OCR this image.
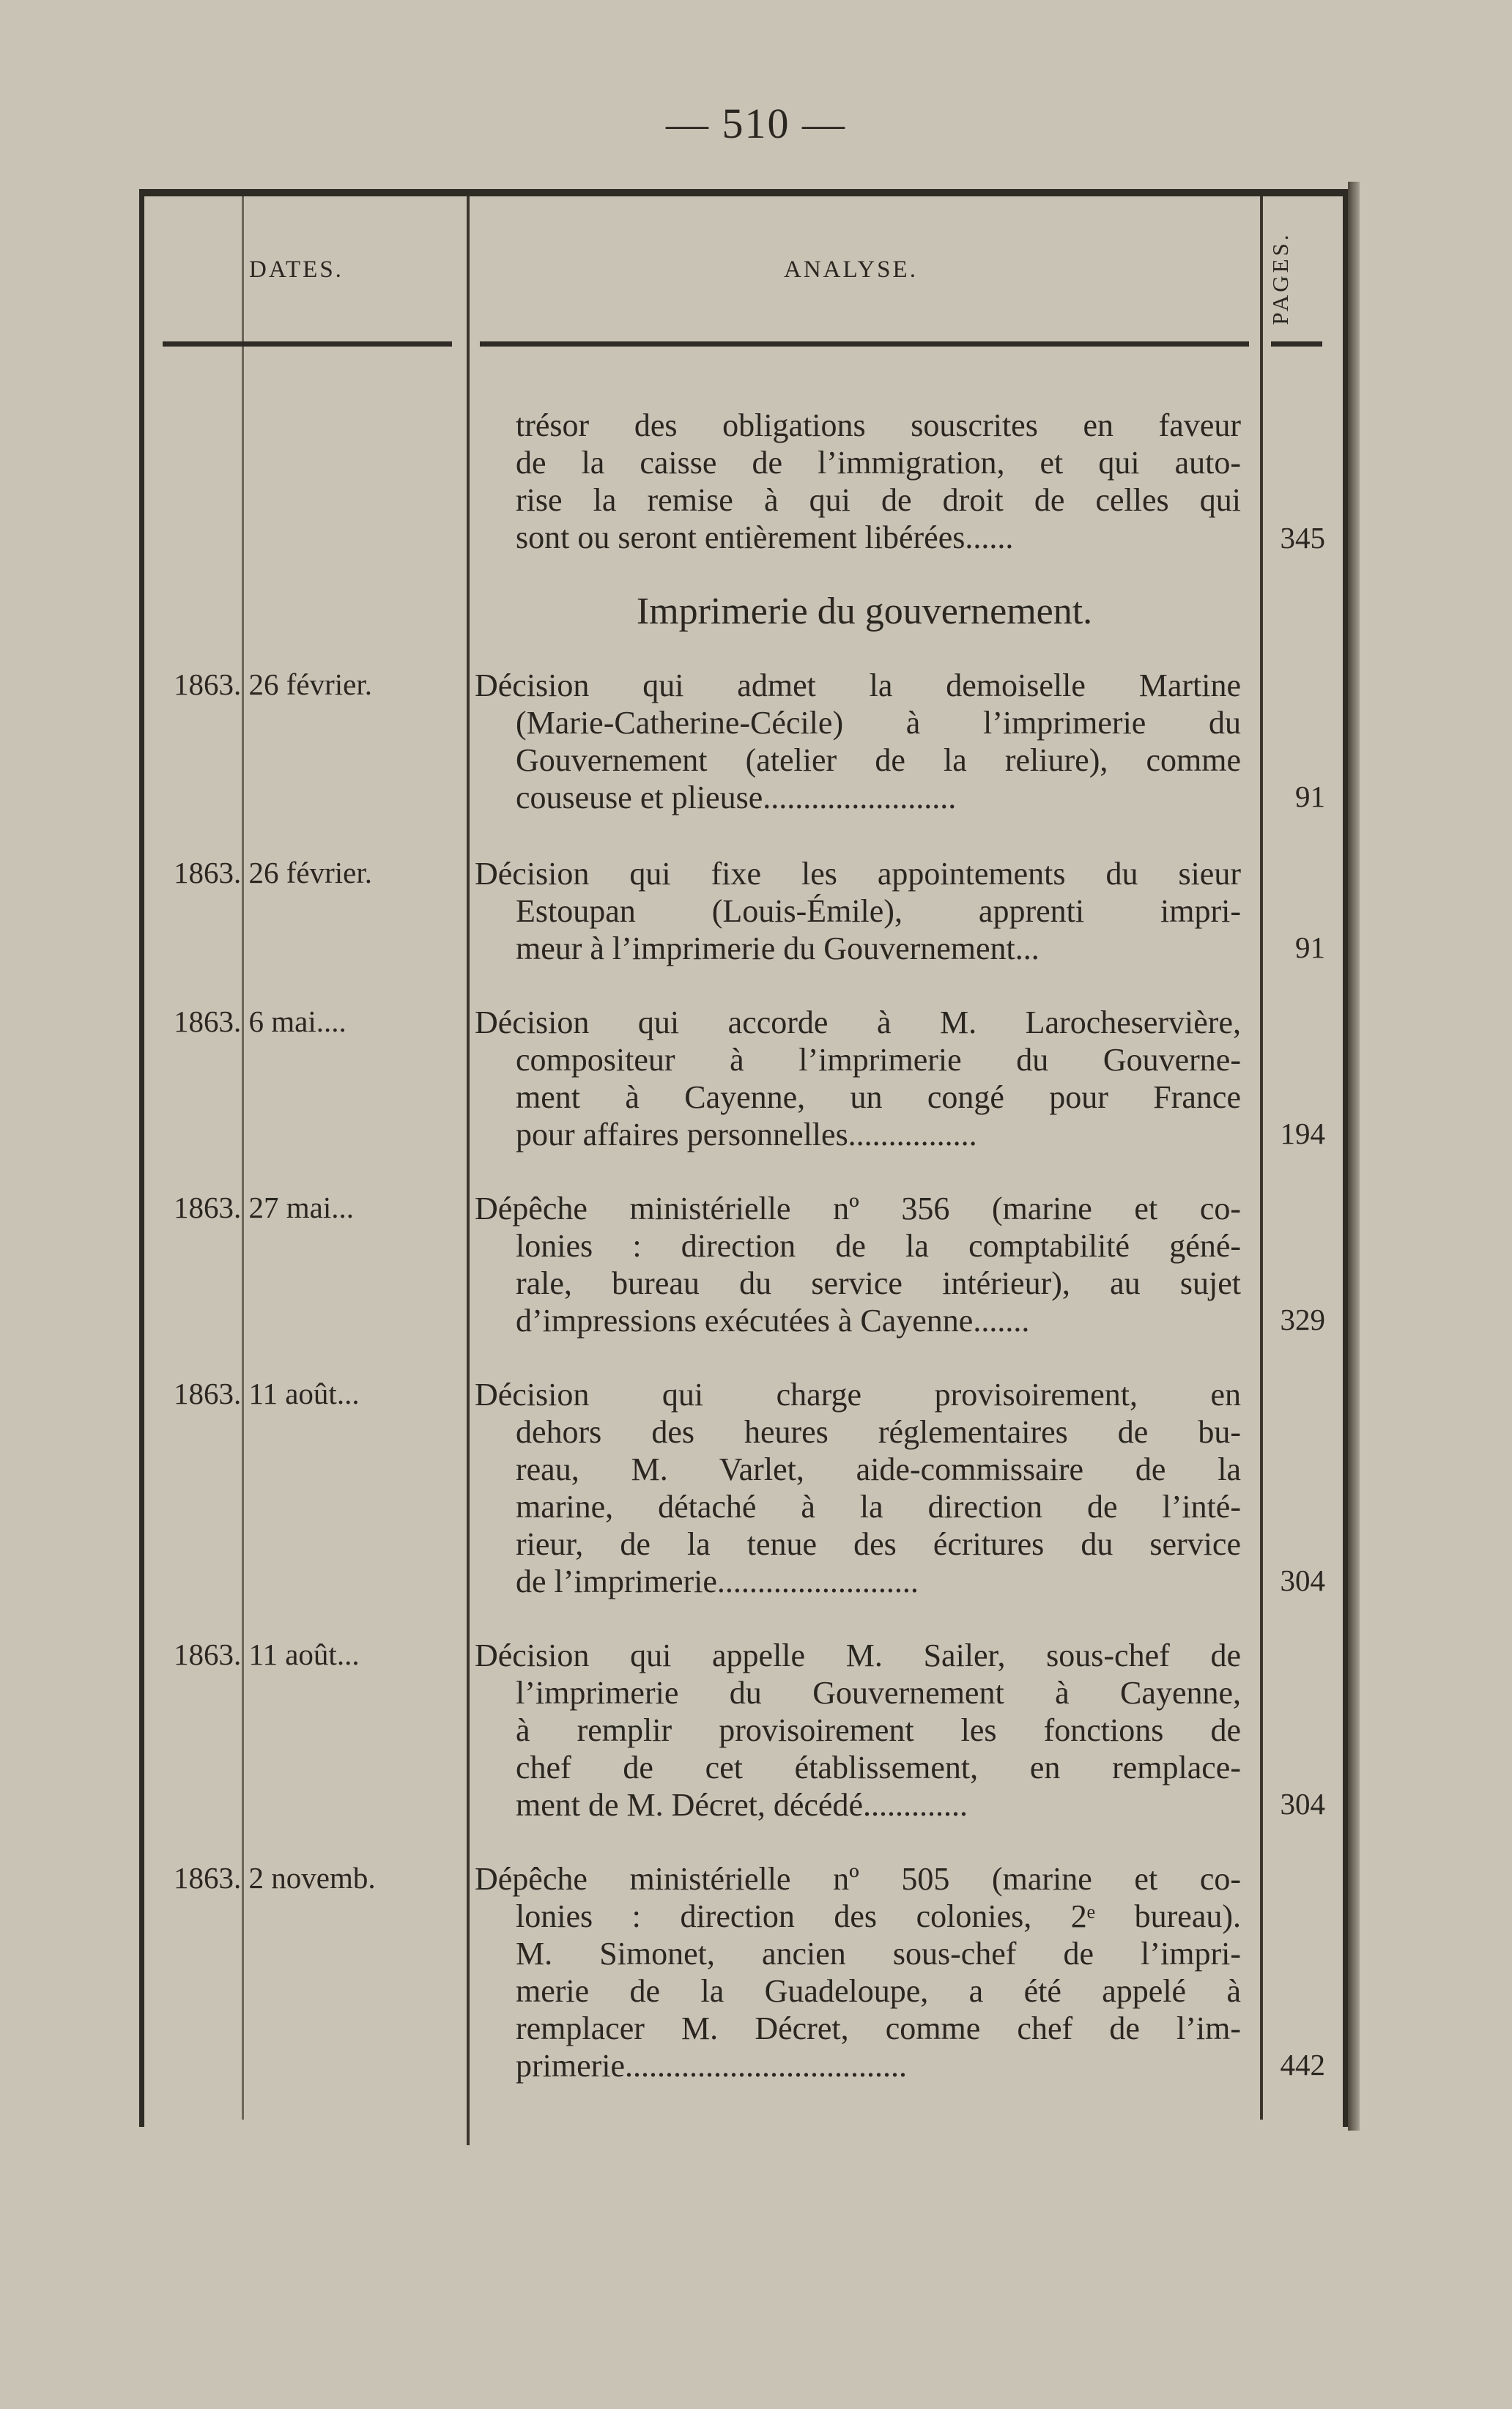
— 510 —
DATES.	ANALYSE.	PAGES.
trésor des obligations souscrites en faveur
de la caisse de l’immigration, et qui auto-
rise la remise à qui de droit de celles qui
sont ou seront entièrement libérées......	345
Imprimerie du gouvernement.
1863. 26 février.	Décision qui admet la demoiselle Martine
(Marie-Catherine-Cécile) à l’imprimerie du
Gouvernement (atelier de la reliure), comme
couseuse et plieuse........................	91
1863. 26 février.	Décision qui fixe les appointements du sieur
Estoupan (Louis-Émile), apprenti impri-
meur à l’imprimerie du Gouvernement...	91
1863. 6 mai....	Décision qui accorde à M. Larocheservière,
compositeur à l’imprimerie du Gouverne-
ment à Cayenne, un congé pour France
pour affaires personnelles................	194
1863. 27 mai...	Dépêche ministérielle nº 356 (marine et co-
lonies : direction de la comptabilité géné-
rale, bureau du service intérieur), au sujet
d’impressions exécutées à Cayenne.......	329
1863. 11 août...	Décision qui charge provisoirement, en
dehors des heures réglementaires de bu-
reau, M. Varlet, aide-commissaire de la
marine, détaché à la direction de l’inté-
rieur, de la tenue des écritures du service
de l’imprimerie.........................	304
1863. 11 août...	Décision qui appelle M. Sailer, sous-chef de
l’imprimerie du Gouvernement à Cayenne,
à remplir provisoirement les fonctions de
chef de cet établissement, en remplace-
ment de M. Décret, décédé.............	304
1863. 2 novemb.	Dépêche ministérielle nº 505 (marine et co-
lonies : direction des colonies, 2ᵉ bureau).
M. Simonet, ancien sous-chef de l’impri-
merie de la Guadeloupe, a été appelé à
remplacer M. Décret, comme chef de l’im-
primerie...................................	442
